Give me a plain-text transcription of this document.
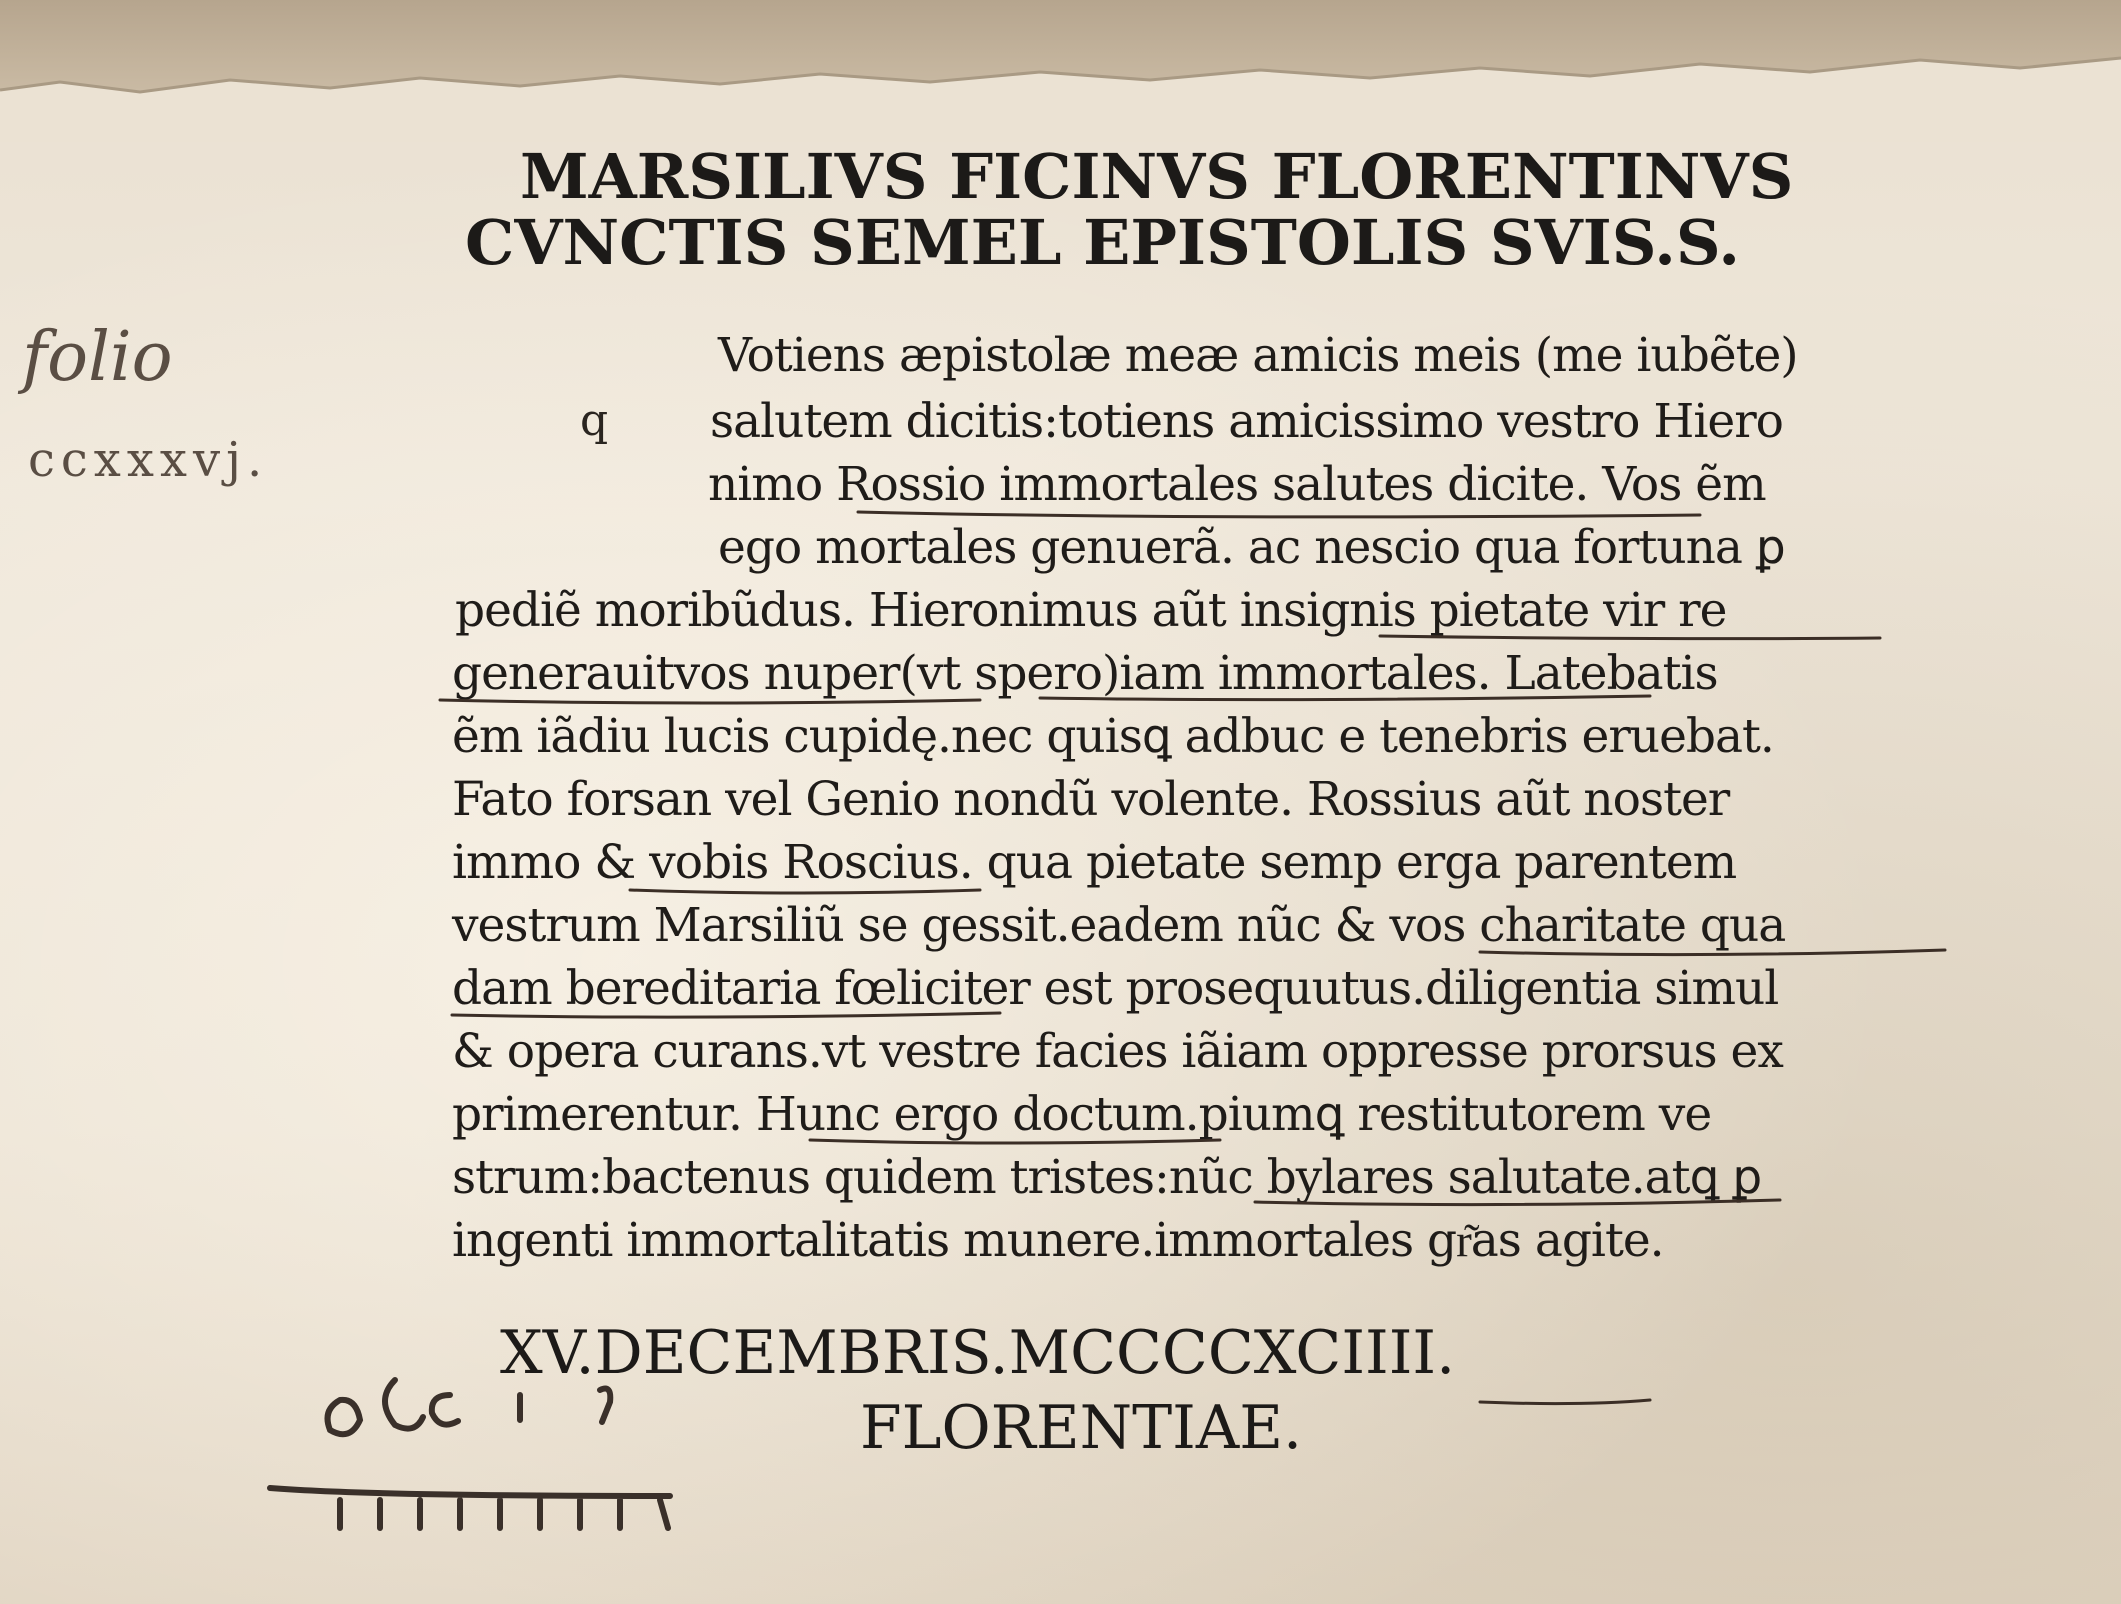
folio
ccxxxvj.
MARSILIVS FICINVS FLORENTINVS
CVNCTIS SEMEL EPISTOLIS SVIS.S.
q
Votiens æpistolæ meæ amicis meis (me iubẽte)
salutem dicitis:totiens amicissimo vestro Hiero
nimo Rossio immortales salutes dicite. Vos ẽm
ego mortales genuerã. ac nescio qua fortuna ꝑ
pediẽ moribũdus. Hieronimus aũt insignis pietate vir re
generauitvos nuper(vt spero)iam immortales. Latebatis
ẽm iãdiu lucis cupidę.nec quisꝗ adbuc e tenebris eruebat.
Fato forsan vel Genio nondũ volente. Rossius aũt noster
immo & vobis Roscius. qua pietate semp erga parentem
vestrum Marsiliũ se gessit.eadem nũc & vos charitate qua
dam bereditaria fœliciter est prosequutus.diligentia simul
& opera curans.vt vestre facies iãiam oppresse prorsus ex
primerentur. Hunc ergo doctum.piumꝗ restitutorem ve
strum:bactenus quidem tristes:nũc bylares salutate.atꝗ ꝑ
ingenti immortalitatis munere.immortales gr͂as agite.
XV.DECEMBRIS.MCCCCXCIIII.
FLORENTIAE.
